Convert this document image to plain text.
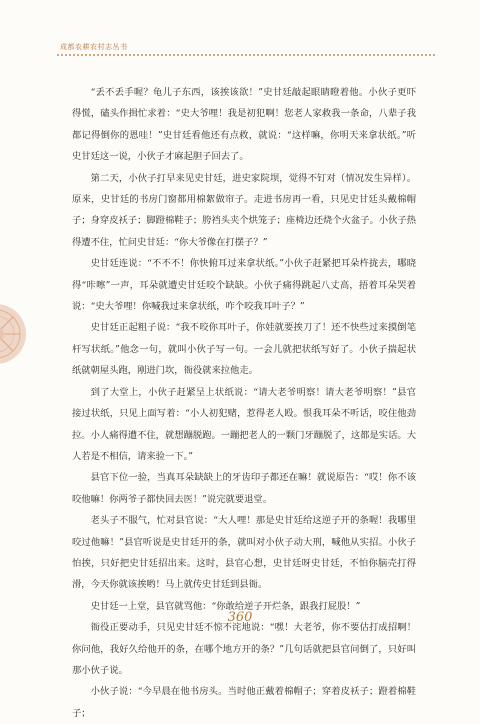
成都农耕农村志丛书

“丢不丢手喔？龟儿子东西，该挨该欲！”史甘廷敲起眼睛瞪着他。小伙子更吓得慌，磕头作揖忙求着：“史大爷哩！我是初犯啊！您老人家救我一条命，八辈子我都记得倒你的恩哇！”史甘廷看他还有点救，就说：“这样嘛，你明天来拿状纸。”听史甘廷这一说，小伙子才麻起胆子回去了。

第二天，小伙子打早来见史甘廷，进史家院坝，觉得不钉对（情况发生异样）。原来，史甘廷的书房门窗都用棉絮做帘子。走进书房再一看，只见史甘廷头戴棉帽子；身穿皮袄子；脚蹬棉鞋子；胯裆头夹个烘笼子；座椅边还烧个火盆子。小伙子热得遭不住，忙问史甘廷：“你大爷像在打摆子？”

史甘廷连说：“不不不！你快俯耳过来拿状纸。”小伙子赶紧把耳朵杵拢去，哪晓得“咔嚓”一声，耳朵就遭史甘廷咬个缺缺。小伙子痛得跳起八丈高，捂着耳朵哭着说：“史大爷哩！你喊我过来拿状纸，咋个咬我耳叶子？”

史甘廷正起粗子说：“我不咬你耳叶子，你娃就要挨刀了！还不快些过来摸倒笔杆写状纸。”他念一句，就叫小伙子写一句。一会儿就把状纸写好了。小伙子揣起状纸就朝屋头跑，刚进门坎，衙役就来拉他走。

到了大堂上，小伙子赶紧呈上状纸说：“请大老爷明察！请大老爷明察！”县官接过状纸，只见上面写着：“小人初犯赌，惹得老人殴。恨我耳朵不听话，咬住他劲拉。小人痛得遭不住，就想蹦脱跑。一蹦把老人的一颗门牙蹦脱了，这都是实话。大人若是不相信，请来验一下。”

县官下位一验，当真耳朵缺缺上的牙齿印子都还在嘛！就说原告：“哎！你不该咬他嘛！你两爷子都快回去医！”说完就要退堂。

老头子不服气，忙对县官说：“大人哩！那是史甘廷给这逆子开的条喔！我哪里咬过他嘛！”县官听说是史甘廷开的条，就叫对小伙子动大刑，喊他从实招。小伙子怕挨，只好把史甘廷招出来。这时，县官心想，史甘廷呀史甘廷，不怕你脑壳打得滑，今天你就该挨哟！马上就传史甘廷到县衙。

史甘廷一上堂，县官就骂他：“你敢给逆子开烂条，跟我打屁股！”

衙役正要动手，只见史甘廷不惊不诧地说：“嘿！大老爷，你不要估打成招啊！你问他，我好久给他开的条，在哪个地方开的条？”几句话就把县官问倒了，只好叫那小伙子说。

小伙子说：“今早晨在他书房头。当时他正戴着棉帽子；穿着皮袄子；蹬着棉鞋子；

360
